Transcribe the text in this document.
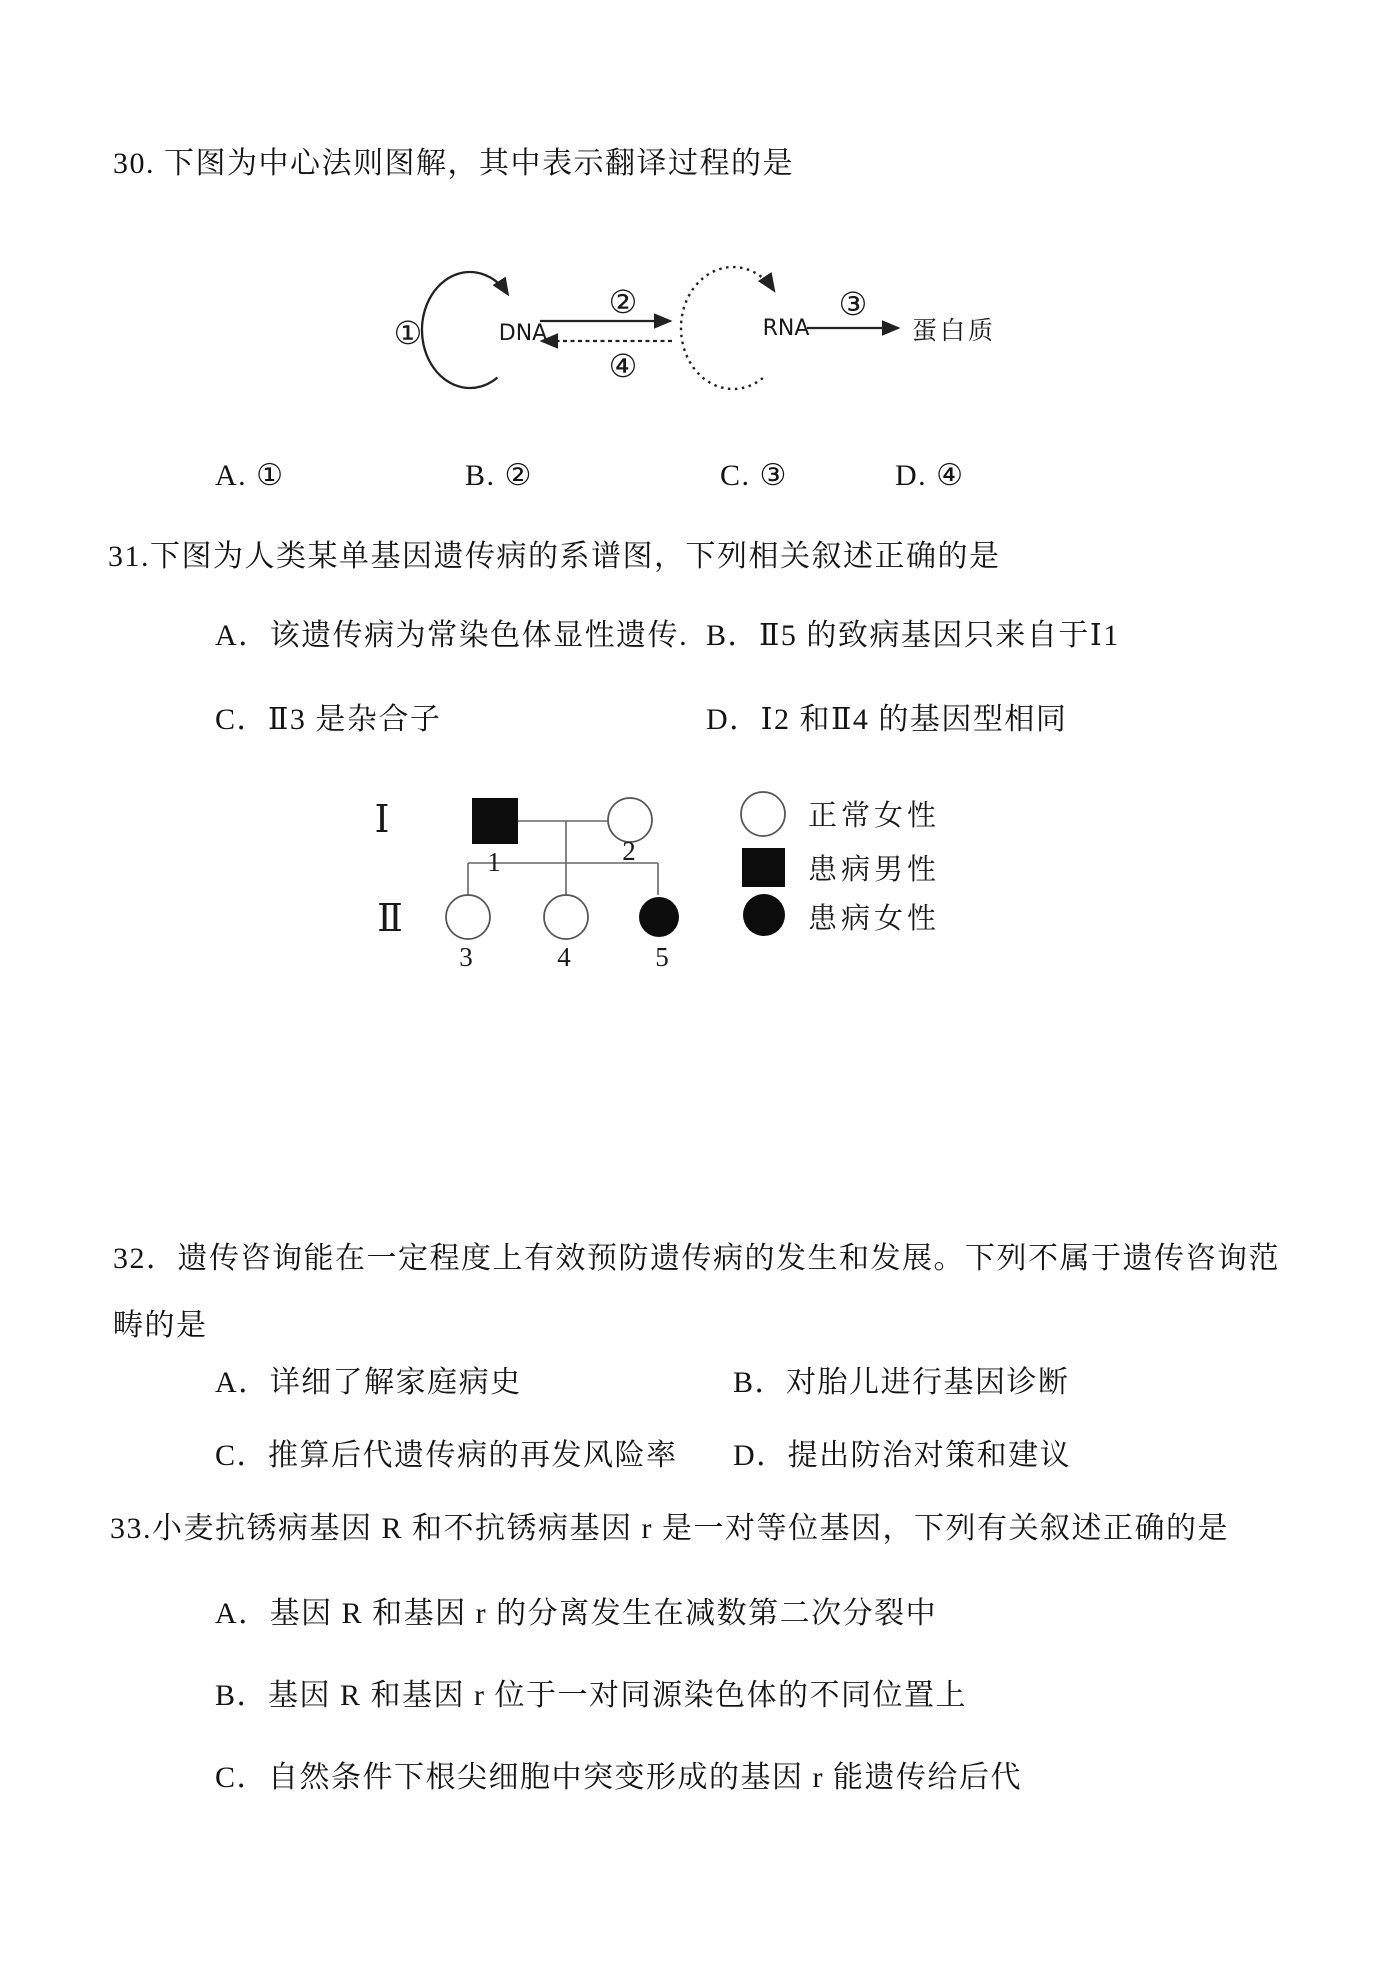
30. 下图为中心法则图解，其中表示翻译过程的是
①	DNA
②
④
RNA
③
蛋白质
A. ①	B. ②	C. ③	D. ④
31.下图为人类某单基因遗传病的系谱图，下列相关叙述正确的是
A．该遗传病为常染色体显性遗传. B．Ⅱ5 的致病基因只来自于Ⅰ1
C．Ⅱ3 是杂合子	D．Ⅰ2 和Ⅱ4 的基因型相同
Ⅰ
Ⅱ
1	2
3	4	5
正常女性
患病男性
患病女性
32．遗传咨询能在一定程度上有效预防遗传病的发生和发展。下列不属于遗传咨询范畴的是
A．详细了解家庭病史	B．对胎儿进行基因诊断
C．推算后代遗传病的再发风险率 D．提出防治对策和建议
33.小麦抗锈病基因 R 和不抗锈病基因 r 是一对等位基因，下列有关叙述正确的是
A．基因 R 和基因 r 的分离发生在减数第二次分裂中
B．基因 R 和基因 r 位于一对同源染色体的不同位置上
C．自然条件下根尖细胞中突变形成的基因 r 能遗传给后代
